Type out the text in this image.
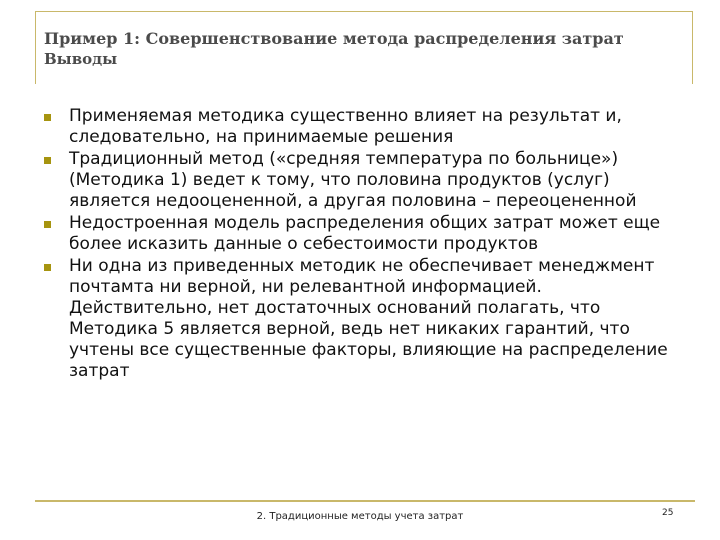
Пример 1: Совершенствование метода распределения затрат
Выводы
Применяемая методика существенно влияет на результат и, следовательно, на принимаемые решения
Традиционный метод («средняя температура по больнице») (Методика 1) ведет к тому, что половина продуктов (услуг) является недооцененной, а другая половина – переоцененной
Недостроенная модель распределения общих затрат может еще более исказить данные о себестоимости продуктов
Ни одна из приведенных методик не обеспечивает менеджмент почтамта ни верной, ни релевантной информацией. Действительно, нет достаточных оснований полагать, что Методика 5 является верной, ведь нет никаких гарантий, что учтены все существенные факторы, влияющие на распределение затрат
2. Традиционные методы учета затрат	25
